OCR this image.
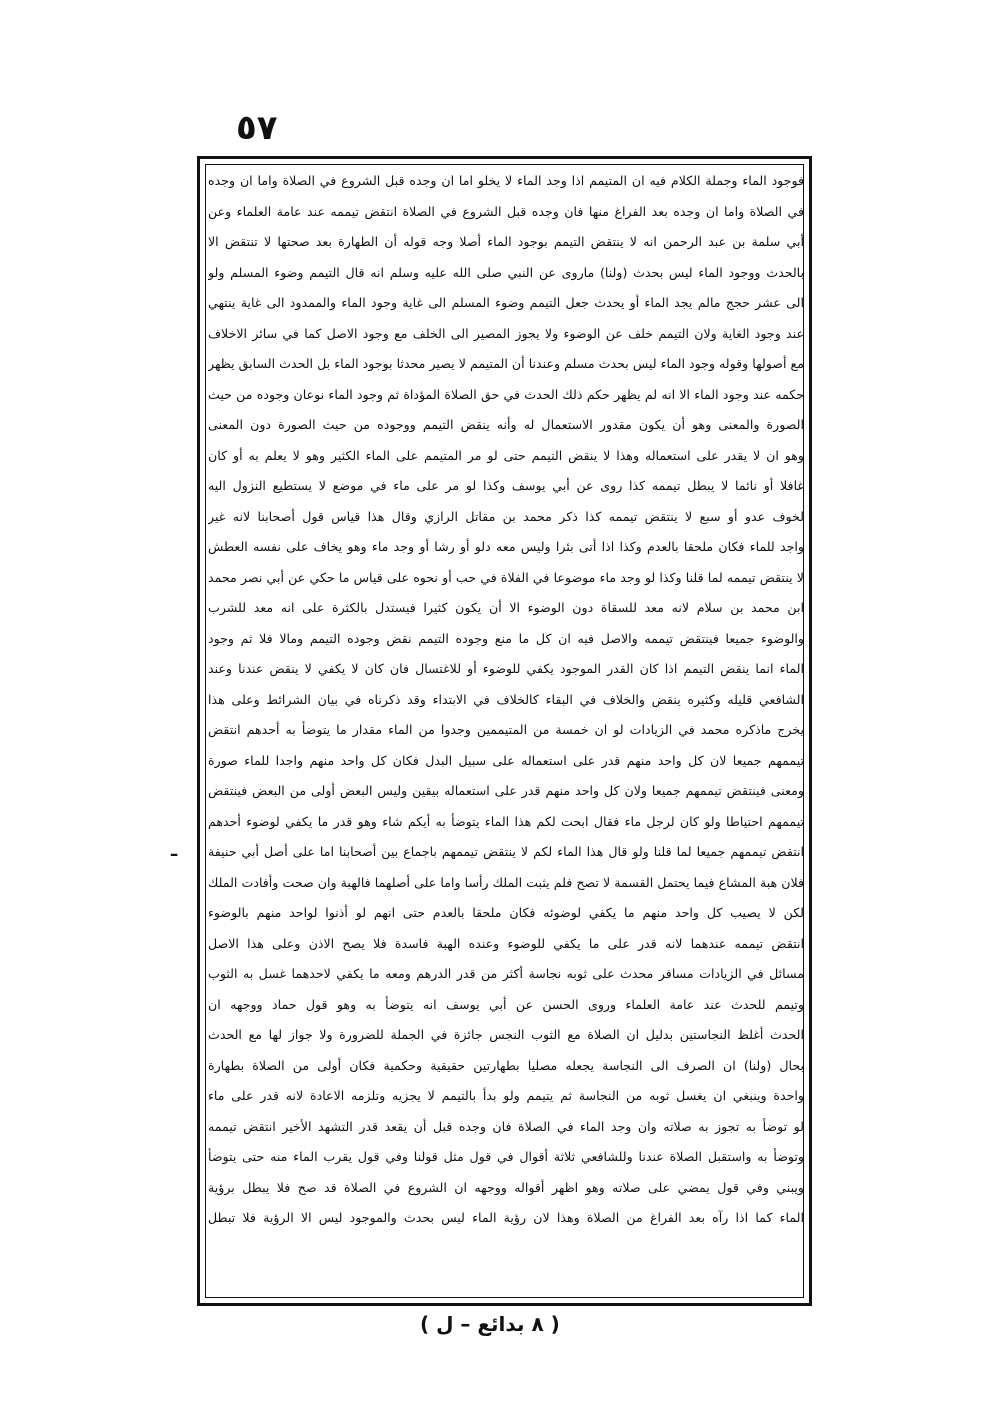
٥٧
ـ
فوجود الماء وجملة الكلام فيه ان المتيمم اذا وجد الماء لا يخلو اما ان وجده قبل الشروع في الصلاة واما ان وجده
في الصلاة واما ان وجده بعد الفراغ منها فان وجده قبل الشروع في الصلاة انتقض تيممه عند عامة العلماء وعن
أبي سلمة بن عبد الرحمن انه لا ينتقض التيمم بوجود الماء أصلا وجه قوله أن الطهارة بعد صحتها لا تنتقض الا
بالحدث ووجود الماء ليس بحدث (ولنا) ماروى عن النبي صلى الله عليه وسلم انه قال التيمم وضوء المسلم ولو
الى عشر حجج مالم يجد الماء أو يحدث جعل التيمم وضوء المسلم الى غاية وجود الماء والممدود الى غاية ينتهي
عند وجود الغاية ولان التيمم خلف عن الوضوء ولا يجوز المصير الى الخلف مع وجود الاصل كما في سائر الاخلاف
مع أصولها وقوله وجود الماء ليس بحدث مسلم وعندنا أن المتيمم لا يصير محدثا بوجود الماء بل الحدث السابق يظهر
حكمه عند وجود الماء الا انه لم يظهر حكم ذلك الحدث في حق الصلاة المؤداة ثم وجود الماء نوعان وجوده من حيث
الصورة والمعنى وهو أن يكون مقدور الاستعمال له وأنه ينقض التيمم ووجوده من حيث الصورة دون المعنى
وهو ان لا يقدر على استعماله وهذا لا ينقض التيمم حتى لو مر المتيمم على الماء الكثير وهو لا يعلم به أو كان
غافلا أو نائما لا يبطل تيممه كذا روى عن أبي يوسف وكذا لو مر على ماء في موضع لا يستطيع النزول اليه
لخوف عدو أو سبع لا ينتقض تيممه كذا ذكر محمد بن مقاتل الرازي وقال هذا قياس قول أصحابنا لانه غير
واجد للماء فكان ملحقا بالعدم وكذا اذا أتى بئرا وليس معه دلو أو رشا أو وجد ماء وهو يخاف على نفسه العطش
لا ينتقض تيممه لما قلنا وكذا لو وجد ماء موضوعا في الفلاة في حب أو نحوه على قياس ما حكي عن أبي نصر محمد
ابن محمد بن سلام لانه معد للسقاة دون الوضوء الا أن يكون كثيرا فيستدل بالكثرة على انه معد للشرب
والوضوء جميعا فينتقض تيممه والاصل فيه ان كل ما منع وجوده التيمم نقض وجوده التيمم ومالا فلا ثم وجود
الماء انما ينقض التيمم اذا كان القدر الموجود يكفي للوضوء أو للاغتسال فان كان لا يكفي لا ينقض عندنا وعند
الشافعي قليله وكثيره ينقض والخلاف في البقاء كالخلاف في الابتداء وقد ذكرناه في بيان الشرائط وعلى هذا
يخرج ماذكره محمد في الزيادات لو ان خمسة من المتيممين وجدوا من الماء مقدار ما يتوضأ به أحدهم انتقض
تيممهم جميعا لان كل واحد منهم قدر على استعماله على سبيل البدل فكان كل واحد منهم واجدا للماء صورة
ومعنى فينتقض تيممهم جميعا ولان كل واحد منهم قدر على استعماله بيقين وليس البعض أولى من البعض فينتقض
تيممهم احتياطا ولو كان لرجل ماء فقال ابحت لكم هذا الماء يتوضأ به أيكم شاء وهو قدر ما يكفي لوضوء أحدهم
انتقض تيممهم جميعا لما قلنا ولو قال هذا الماء لكم لا ينتقض تيممهم باجماع بين أصحابنا اما على أصل أبي حنيفة
فلان هبة المشاع فيما يحتمل القسمة لا تصح فلم يثبت الملك رأسا واما على أصلهما فالهبة وان صحت وأفادت الملك
لكن لا يصيب كل واحد منهم ما يكفي لوضوئه فكان ملحقا بالعدم حتى انهم لو أذنوا لواحد منهم بالوضوء
انتقض تيممه عندهما لانه قدر على ما يكفي للوضوء وعنده الهبة فاسدة فلا يصح الاذن وعلى هذا الاصل
مسائل في الزيادات مسافر محدث على ثوبه نجاسة أكثر من قدر الدرهم ومعه ما يكفي لاحدهما غسل به الثوب
وتيمم للحدث عند عامة العلماء وروى الحسن عن أبي يوسف انه يتوضأ به وهو قول حماد ووجهه ان
الحدث أغلظ النجاستين بدليل ان الصلاة مع الثوب النجس جائزة في الجملة للضرورة ولا جواز لها مع الحدث
بحال (ولنا) ان الصرف الى النجاسة يجعله مصليا بطهارتين حقيقية وحكمية فكان أولى من الصلاة بطهارة
واحدة وينبغي ان يغسل ثوبه من النجاسة ثم يتيمم ولو بدأ بالتيمم لا يجزيه وتلزمه الاعادة لانه قدر على ماء
لو توضأ به تجوز به صلاته وان وجد الماء في الصلاة فان وجده قبل أن يقعد قدر التشهد الأخير انتقض تيممه
وتوضأ به واستقبل الصلاة عندنا وللشافعي ثلاثة أقوال في قول مثل قولنا وفي قول يقرب الماء منه حتى يتوضأ
ويبني وفي قول يمضي على صلاته وهو اظهر أقواله ووجهه ان الشروع في الصلاة قد صح فلا يبطل برؤية
الماء كما اذا رآه بعد الفراغ من الصلاة وهذا لان رؤية الماء ليس بحدث والموجود ليس الا الرؤية فلا تبطل
( ٨ بدائع – ل )
